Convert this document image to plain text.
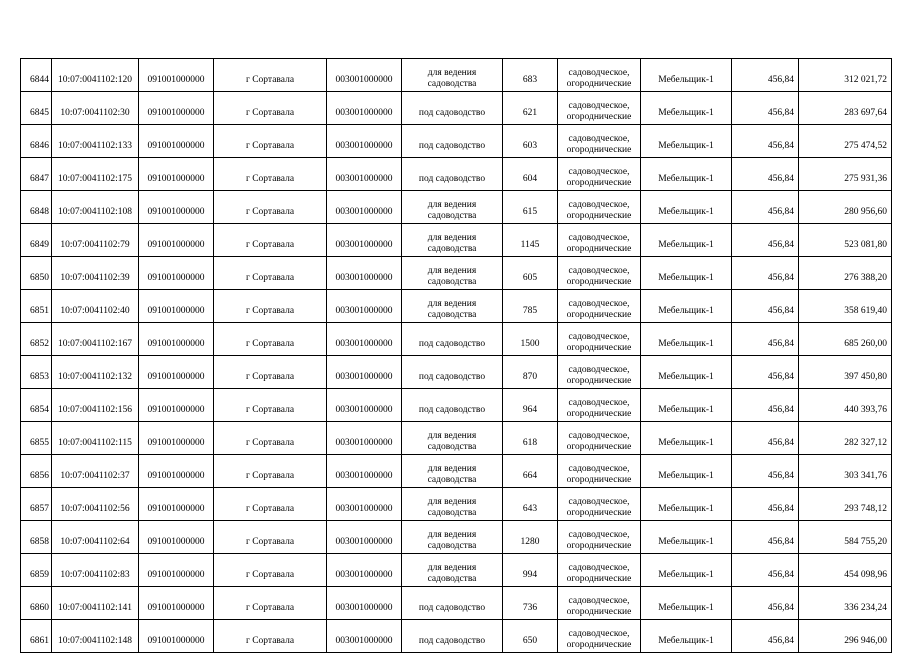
6844	10:07:0041102:120	091001000000	г Сортавала	003001000000	для ведения садоводства	683	садоводческое, огороднические	Мебельщик-1	456,84	312 021,72
6845	10:07:0041102:30	091001000000	г Сортавала	003001000000	под садоводство	621	садоводческое, огороднические	Мебельщик-1	456,84	283 697,64
6846	10:07:0041102:133	091001000000	г Сортавала	003001000000	под садоводство	603	садоводческое, огороднические	Мебельщик-1	456,84	275 474,52
6847	10:07:0041102:175	091001000000	г Сортавала	003001000000	под садоводство	604	садоводческое, огороднические	Мебельщик-1	456,84	275 931,36
6848	10:07:0041102:108	091001000000	г Сортавала	003001000000	для ведения садоводства	615	садоводческое, огороднические	Мебельщик-1	456,84	280 956,60
6849	10:07:0041102:79	091001000000	г Сортавала	003001000000	для ведения садоводства	1145	садоводческое, огороднические	Мебельщик-1	456,84	523 081,80
6850	10:07:0041102:39	091001000000	г Сортавала	003001000000	для ведения садоводства	605	садоводческое, огороднические	Мебельщик-1	456,84	276 388,20
6851	10:07:0041102:40	091001000000	г Сортавала	003001000000	для ведения садоводства	785	садоводческое, огороднические	Мебельщик-1	456,84	358 619,40
6852	10:07:0041102:167	091001000000	г Сортавала	003001000000	под садоводство	1500	садоводческое, огороднические	Мебельщик-1	456,84	685 260,00
6853	10:07:0041102:132	091001000000	г Сортавала	003001000000	под садоводство	870	садоводческое, огороднические	Мебельщик-1	456,84	397 450,80
6854	10:07:0041102:156	091001000000	г Сортавала	003001000000	под садоводство	964	садоводческое, огороднические	Мебельщик-1	456,84	440 393,76
6855	10:07:0041102:115	091001000000	г Сортавала	003001000000	для ведения садоводства	618	садоводческое, огороднические	Мебельщик-1	456,84	282 327,12
6856	10:07:0041102:37	091001000000	г Сортавала	003001000000	для ведения садоводства	664	садоводческое, огороднические	Мебельщик-1	456,84	303 341,76
6857	10:07:0041102:56	091001000000	г Сортавала	003001000000	для ведения садоводства	643	садоводческое, огороднические	Мебельщик-1	456,84	293 748,12
6858	10:07:0041102:64	091001000000	г Сортавала	003001000000	для ведения садоводства	1280	садоводческое, огороднические	Мебельщик-1	456,84	584 755,20
6859	10:07:0041102:83	091001000000	г Сортавала	003001000000	для ведения садоводства	994	садоводческое, огороднические	Мебельщик-1	456,84	454 098,96
6860	10:07:0041102:141	091001000000	г Сортавала	003001000000	под садоводство	736	садоводческое, огороднические	Мебельщик-1	456,84	336 234,24
6861	10:07:0041102:148	091001000000	г Сортавала	003001000000	под садоводство	650	садоводческое, огороднические	Мебельщик-1	456,84	296 946,00
